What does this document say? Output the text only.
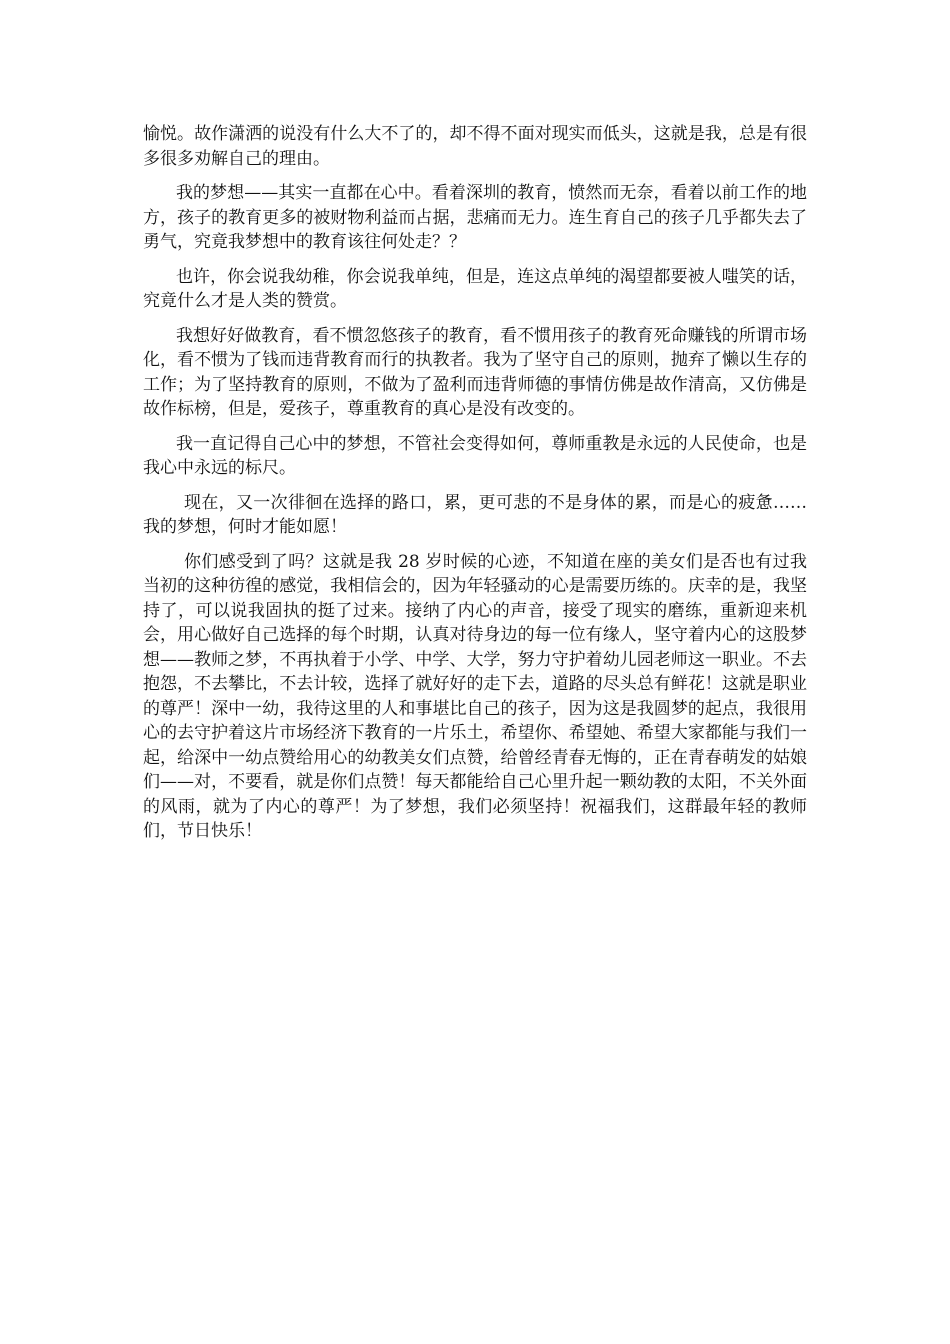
愉悦。故作潇洒的说没有什么大不了的，却不得不面对现实而低头，这就是我，总是有很多很多劝解自己的理由。

我的梦想——其实一直都在心中。看着深圳的教育，愤然而无奈，看着以前工作的地方，孩子的教育更多的被财物利益而占据，悲痛而无力。连生育自己的孩子几乎都失去了勇气，究竟我梦想中的教育该往何处走？？

也许，你会说我幼稚，你会说我单纯，但是，连这点单纯的渴望都要被人嗤笑的话，究竟什么才是人类的赞赏。

我想好好做教育，看不惯忽悠孩子的教育，看不惯用孩子的教育死命赚钱的所谓市场化，看不惯为了钱而违背教育而行的执教者。我为了坚守自己的原则，抛弃了懒以生存的工作；为了坚持教育的原则，不做为了盈利而违背师德的事情仿佛是故作清高，又仿佛是故作标榜，但是，爱孩子，尊重教育的真心是没有改变的。

我一直记得自己心中的梦想，不管社会变得如何，尊师重教是永远的人民使命，也是我心中永远的标尺。

现在，又一次徘徊在选择的路口，累，更可悲的不是身体的累，而是心的疲惫……　我的梦想，何时才能如愿！

你们感受到了吗？这就是我 28 岁时候的心迹，不知道在座的美女们是否也有过我当初的这种彷徨的感觉，我相信会的，因为年轻骚动的心是需要历练的。庆幸的是，我坚持了，可以说我固执的挺了过来。接纳了内心的声音，接受了现实的磨练，重新迎来机会，用心做好自己选择的每个时期，认真对待身边的每一位有缘人，坚守着内心的这股梦想——教师之梦，不再执着于小学、中学、大学，努力守护着幼儿园老师这一职业。不去抱怨，不去攀比，不去计较，选择了就好好的走下去，道路的尽头总有鲜花！这就是职业的尊严！深中一幼，我待这里的人和事堪比自己的孩子，因为这是我圆梦的起点，我很用心的去守护着这片市场经济下教育的一片乐土，希望你、希望她、希望大家都能与我们一起，给深中一幼点赞给用心的幼教美女们点赞，给曾经青春无悔的，正在青春萌发的姑娘们——对，不要看，就是你们点赞！每天都能给自己心里升起一颗幼教的太阳，不关外面的风雨，就为了内心的尊严！为了梦想，我们必须坚持！祝福我们，这群最年轻的教师们，节日快乐！
